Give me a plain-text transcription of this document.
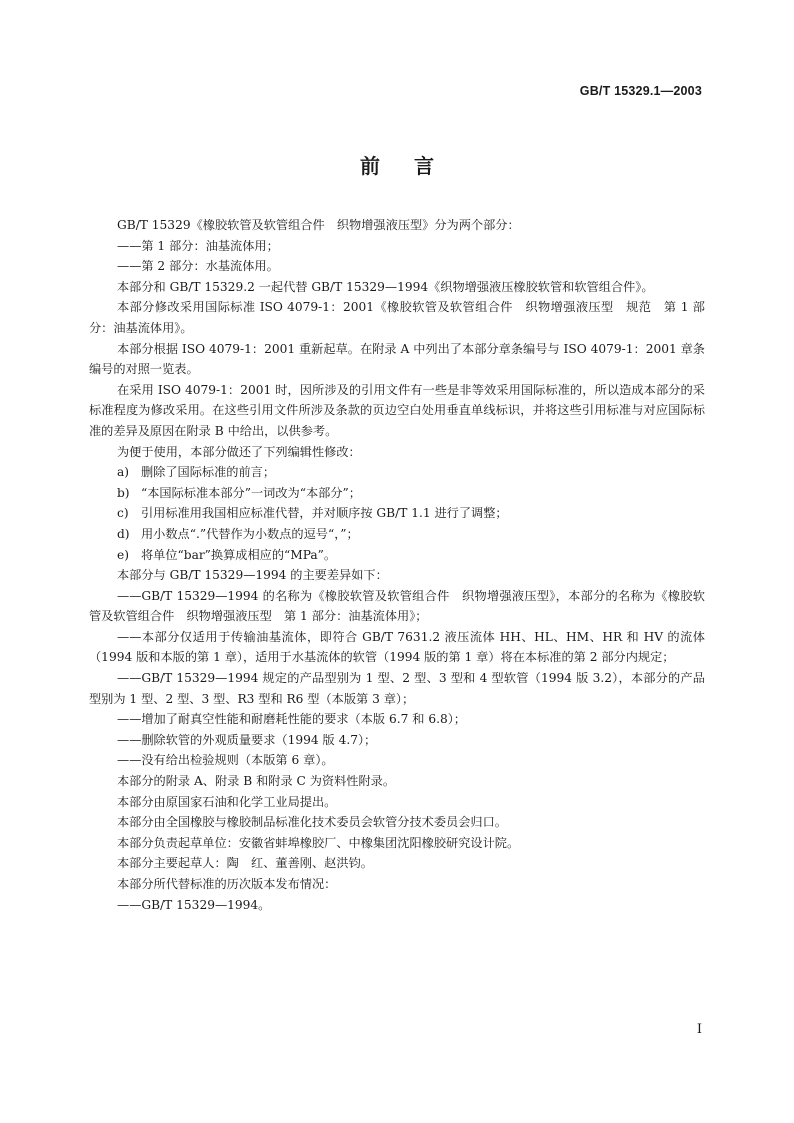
GB/T 15329.1—2003
前言

GB/T 15329《橡胶软管及软管组合件　织物增强液压型》分为两个部分：

——第 1 部分：油基流体用；

——第 2 部分：水基流体用。

本部分和 GB/T 15329.2 一起代替 GB/T 15329—1994《织物增强液压橡胶软管和软管组合件》。

本部分修改采用国际标准 ISO 4079-1：2001《橡胶软管及软管组合件　织物增强液压型　规范　第 1 部分：油基流体用》。

本部分根据 ISO 4079-1：2001 重新起草。在附录 A 中列出了本部分章条编号与 ISO 4079-1：2001 章条编号的对照一览表。

在采用 ISO 4079-1：2001 时，因所涉及的引用文件有一些是非等效采用国际标准的，所以造成本部分的采标准程度为修改采用。在这些引用文件所涉及条款的页边空白处用垂直单线标识，并将这些引用标准与对应国际标准的差异及原因在附录 B 中给出，以供参考。

为便于使用，本部分做还了下列编辑性修改：

a) 删除了国际标准的前言；

b) “本国际标准本部分”一词改为“本部分”；

c) 引用标准用我国相应标准代替，并对顺序按 GB/T 1.1 进行了调整；

d) 用小数点“.”代替作为小数点的逗号“，”；

e) 将单位“bar”换算成相应的“MPa”。

本部分与 GB/T 15329—1994 的主要差异如下：

——GB/T 15329—1994 的名称为《橡胶软管及软管组合件　织物增强液压型》，本部分的名称为《橡胶软管及软管组合件　织物增强液压型　第 1 部分：油基流体用》；

——本部分仅适用于传输油基流体，即符合 GB/T 7631.2 液压流体 HH、HL、HM、HR 和 HV 的流体（1994 版和本版的第 1 章），适用于水基流体的软管（1994 版的第 1 章）将在本标准的第 2 部分内规定；

——GB/T 15329—1994 规定的产品型别为 1 型、2 型、3 型和 4 型软管（1994 版 3.2），本部分的产品型别为 1 型、2 型、3 型、R3 型和 R6 型（本版第 3 章）；

——增加了耐真空性能和耐磨耗性能的要求（本版 6.7 和 6.8）；

——删除软管的外观质量要求（1994 版 4.7）；

——没有给出检验规则（本版第 6 章）。

本部分的附录 A、附录 B 和附录 C 为资料性附录。

本部分由原国家石油和化学工业局提出。

本部分由全国橡胶与橡胶制品标准化技术委员会软管分技术委员会归口。

本部分负责起草单位：安徽省蚌埠橡胶厂、中橡集团沈阳橡胶研究设计院。

本部分主要起草人：陶　红、董善刚、赵洪钧。

本部分所代替标准的历次版本发布情况：

——GB/T 15329—1994。

I
